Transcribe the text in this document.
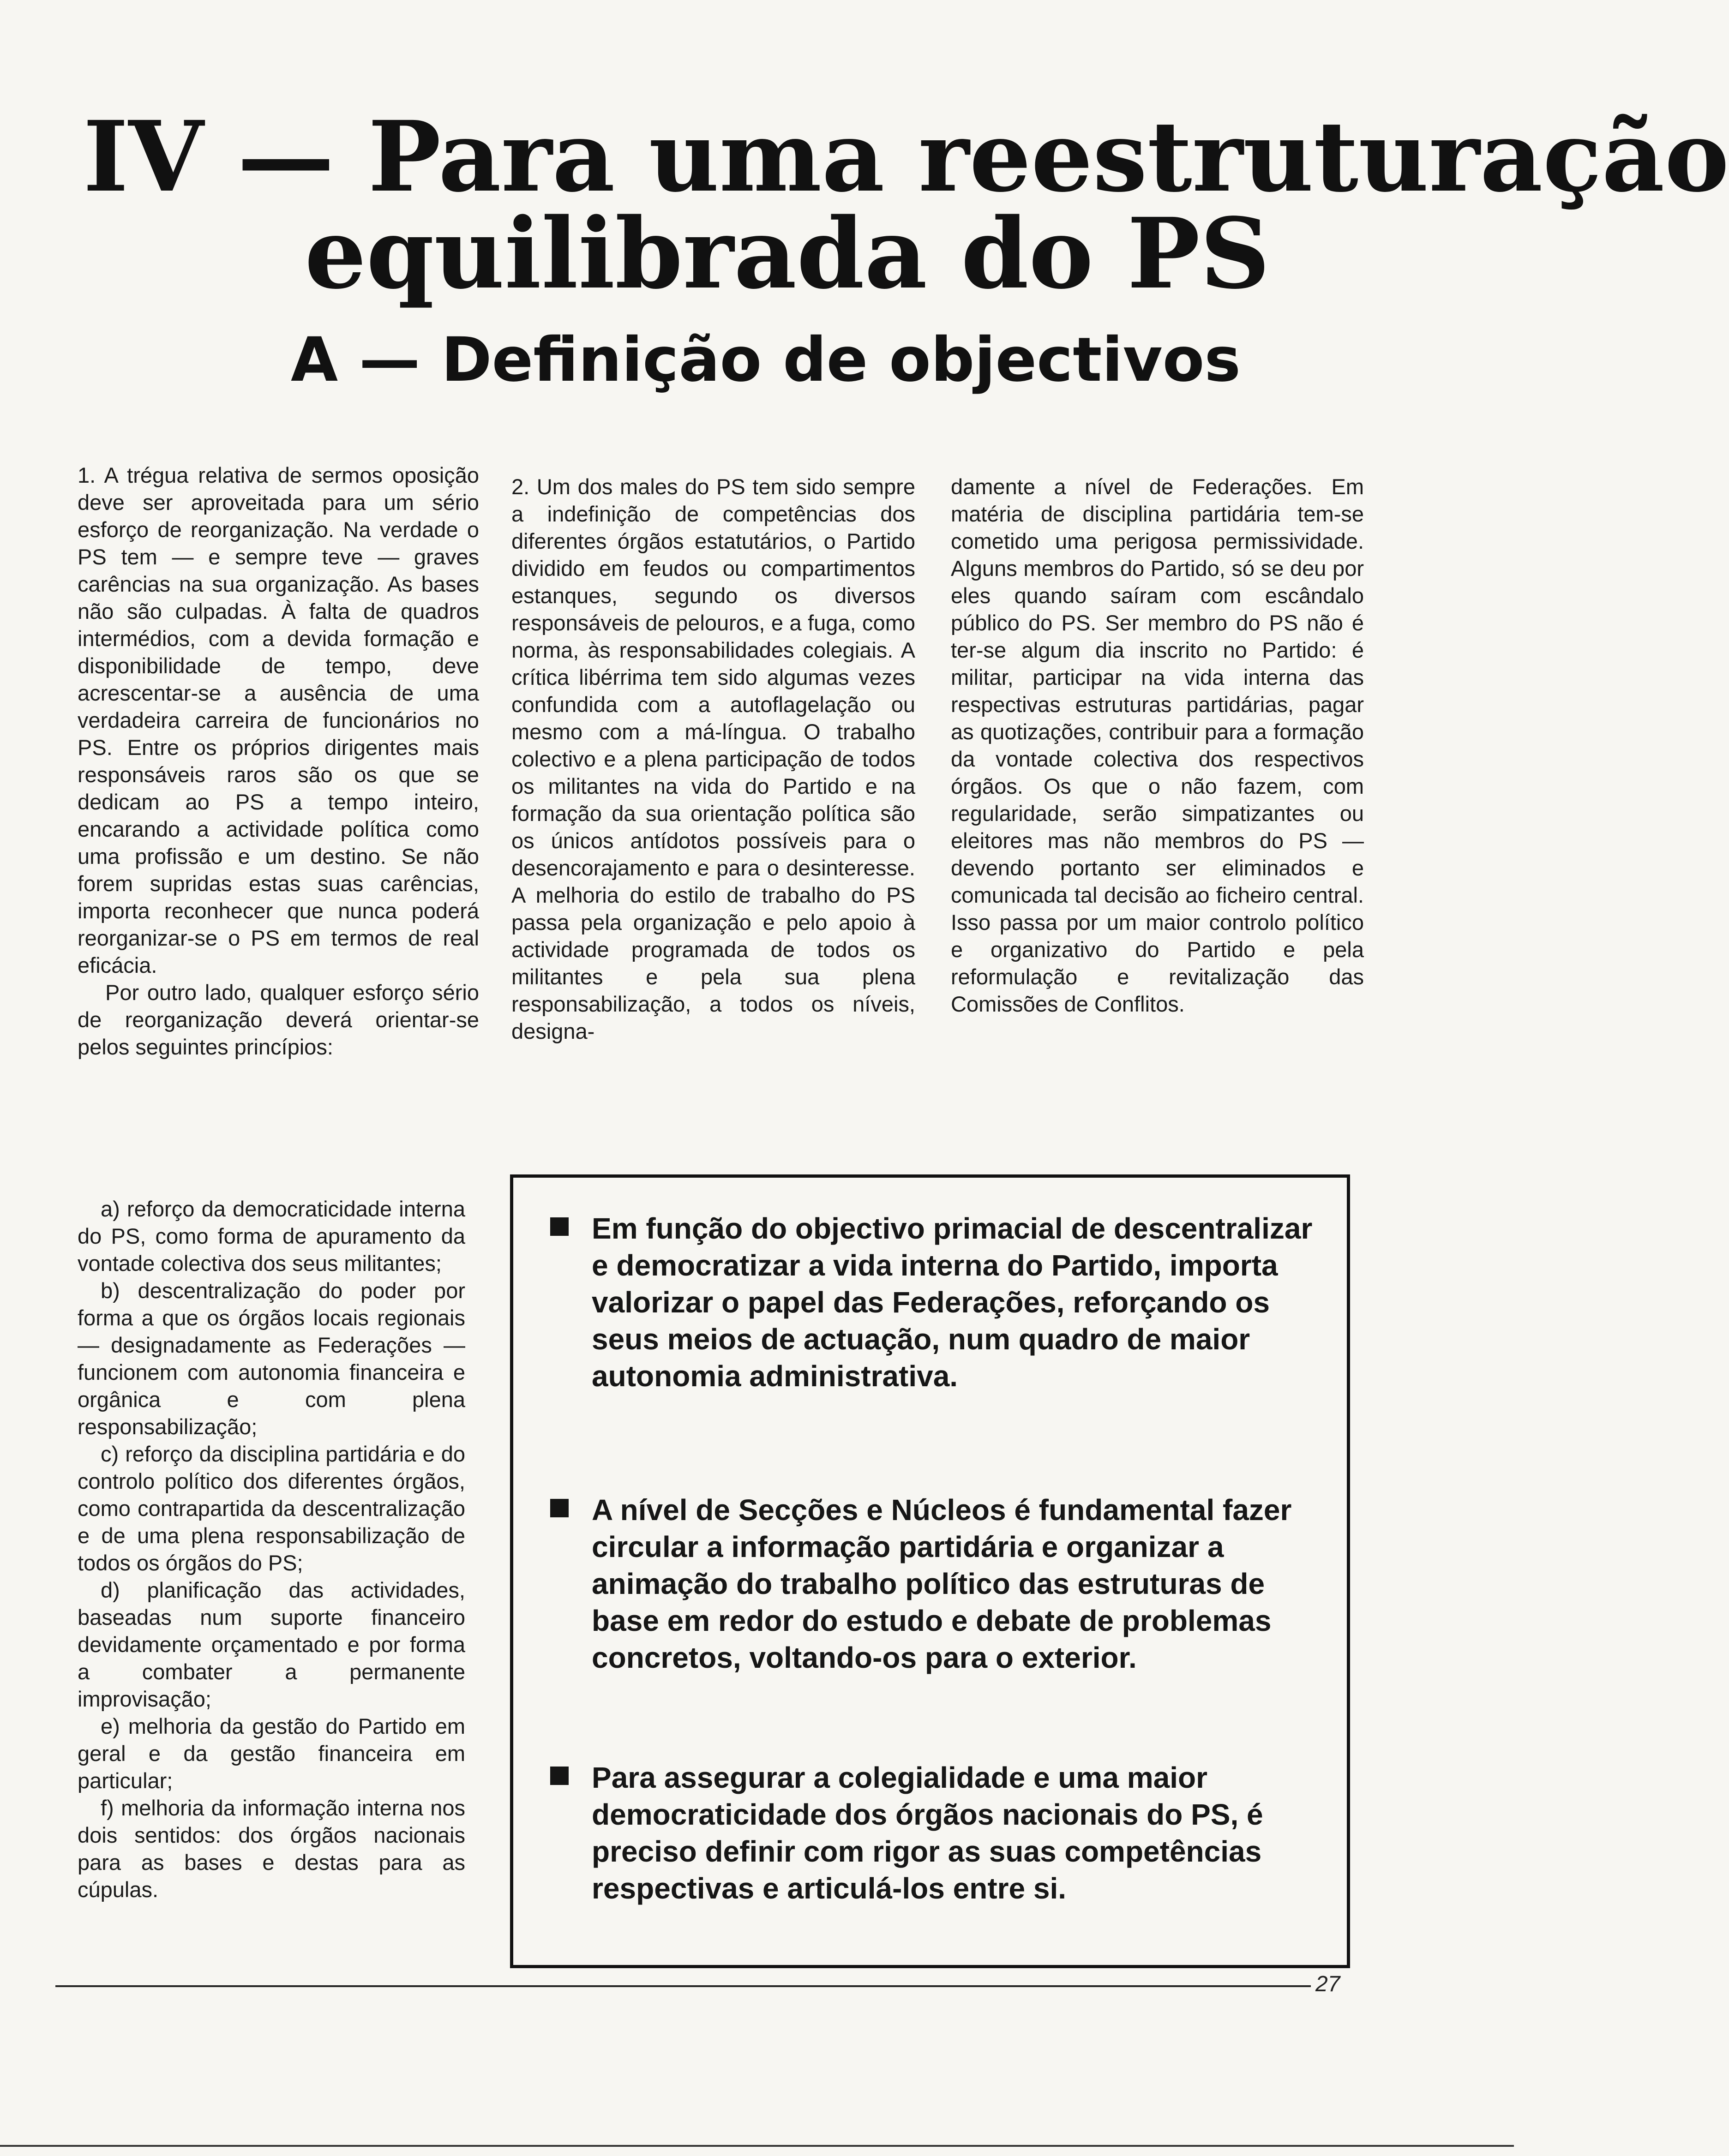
IV — Para uma reestruturação
equilibrada do PS
A — Definição de objectivos

1. A trégua relativa de sermos oposição deve ser aproveitada para um sério esforço de reorganização. Na verdade o PS tem — e sempre teve — graves carências na sua organização. As bases não são culpadas. À falta de quadros intermédios, com a devida formação e disponibilidade de tempo, deve acrescentar-se a ausência de uma verdadeira carreira de funcionários no PS. Entre os próprios dirigentes mais responsáveis raros são os que se dedicam ao PS a tempo inteiro, encarando a actividade política como uma profissão e um destino. Se não forem supridas estas suas carências, importa reconhecer que nunca poderá reorganizar-se o PS em termos de real eficácia.

Por outro lado, qualquer esforço sério de reorganização deverá orientar-se pelos seguintes princípios:

a) reforço da democraticidade interna do PS, como forma de apuramento da vontade colectiva dos seus militantes;

b) descentralização do poder por forma a que os órgãos locais regionais — designadamente as Federações — funcionem com autonomia financeira e orgânica e com plena responsabilização;

c) reforço da disciplina partidária e do controlo político dos diferentes órgãos, como contrapartida da descentralização e de uma plena responsabilização de todos os órgãos do PS;

d) planificação das actividades, baseadas num suporte financeiro devidamente orçamentado e por forma a combater a permanente improvisação;

e) melhoria da gestão do Partido em geral e da gestão financeira em particular;

f) melhoria da informação interna nos dois sentidos: dos órgãos nacionais para as bases e destas para as cúpulas.

2. Um dos males do PS tem sido sempre a indefinição de competências dos diferentes órgãos estatutários, o Partido dividido em feudos ou compartimentos estanques, segundo os diversos responsáveis de pelouros, e a fuga, como norma, às responsabilidades colegiais. A crítica libérrima tem sido algumas vezes confundida com a autoflagelação ou mesmo com a má-língua. O trabalho colectivo e a plena participação de todos os militantes na vida do Partido e na formação da sua orientação política são os únicos antídotos possíveis para o desencorajamento e para o desinteresse. A melhoria do estilo de trabalho do PS passa pela organização e pelo apoio à actividade programada de todos os militantes e pela sua plena responsabilização, a todos os níveis, designa-

damente a nível de Federações. Em matéria de disciplina partidária tem-se cometido uma perigosa permissividade. Alguns membros do Partido, só se deu por eles quando saíram com escândalo público do PS. Ser membro do PS não é ter-se algum dia inscrito no Partido: é militar, participar na vida interna das respectivas estruturas partidárias, pagar as quotizações, contribuir para a formação da vontade colectiva dos respectivos órgãos. Os que o não fazem, com regularidade, serão simpatizantes ou eleitores mas não membros do PS — devendo portanto ser eliminados e comunicada tal decisão ao ficheiro central. Isso passa por um maior controlo político e organizativo do Partido e pela reformulação e revitalização das Comissões de Conflitos.

Em função do objectivo primacial de descentralizar e democratizar a vida interna do Partido, importa valorizar o papel das Federações, reforçando os seus meios de actuação, num quadro de maior autonomia administrativa.
A nível de Secções e Núcleos é fundamental fazer circular a informação partidária e organizar a animação do trabalho político das estruturas de base em redor do estudo e debate de problemas concretos, voltando-os para o exterior.
Para assegurar a colegialidade e uma maior democraticidade dos órgãos nacionais do PS, é preciso definir com rigor as suas competências respectivas e articulá-los entre si.
27
